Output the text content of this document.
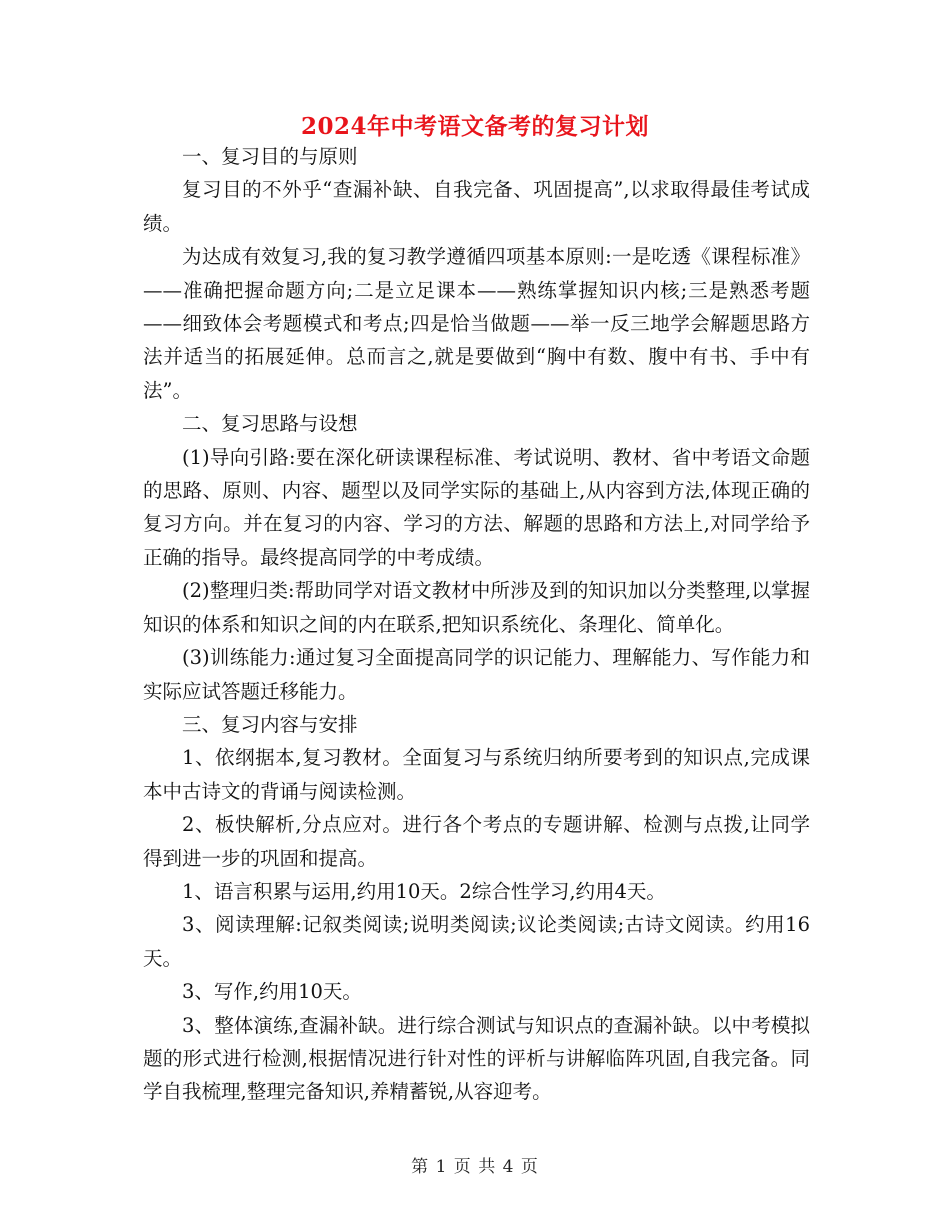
2024年中考语文备考的复习计划

一、复习目的与原则

复习目的不外乎“查漏补缺、自我完备、巩固提高”,以求取得最佳考试成绩。

为达成有效复习,我的复习教学遵循四项基本原则:一是吃透《课程标准》——准确把握命题方向;二是立足课本——熟练掌握知识内核;三是熟悉考题——细致体会考题模式和考点;四是恰当做题——举一反三地学会解题思路方法并适当的拓展延伸。总而言之,就是要做到“胸中有数、腹中有书、手中有法”。

二、复习思路与设想

(1)导向引路:要在深化研读课程标准、考试说明、教材、省中考语文命题的思路、原则、内容、题型以及同学实际的基础上,从内容到方法,体现正确的复习方向。并在复习的内容、学习的方法、解题的思路和方法上,对同学给予正确的指导。最终提高同学的中考成绩。

(2)整理归类:帮助同学对语文教材中所涉及到的知识加以分类整理,以掌握知识的体系和知识之间的内在联系,把知识系统化、条理化、简单化。

(3)训练能力:通过复习全面提高同学的识记能力、理解能力、写作能力和实际应试答题迁移能力。

三、复习内容与安排

1、依纲据本,复习教材。全面复习与系统归纳所要考到的知识点,完成课本中古诗文的背诵与阅读检测。

2、板快解析,分点应对。进行各个考点的专题讲解、检测与点拨,让同学得到进一步的巩固和提高。

1、语言积累与运用,约用10天。2综合性学习,约用4天。

3、阅读理解:记叙类阅读;说明类阅读;议论类阅读;古诗文阅读。约用16天。

3、写作,约用10天。

3、整体演练,查漏补缺。进行综合测试与知识点的查漏补缺。以中考模拟题的形式进行检测,根据情况进行针对性的评析与讲解临阵巩固,自我完备。同学自我梳理,整理完备知识,养精蓄锐,从容迎考。

第 1 页 共 4 页
